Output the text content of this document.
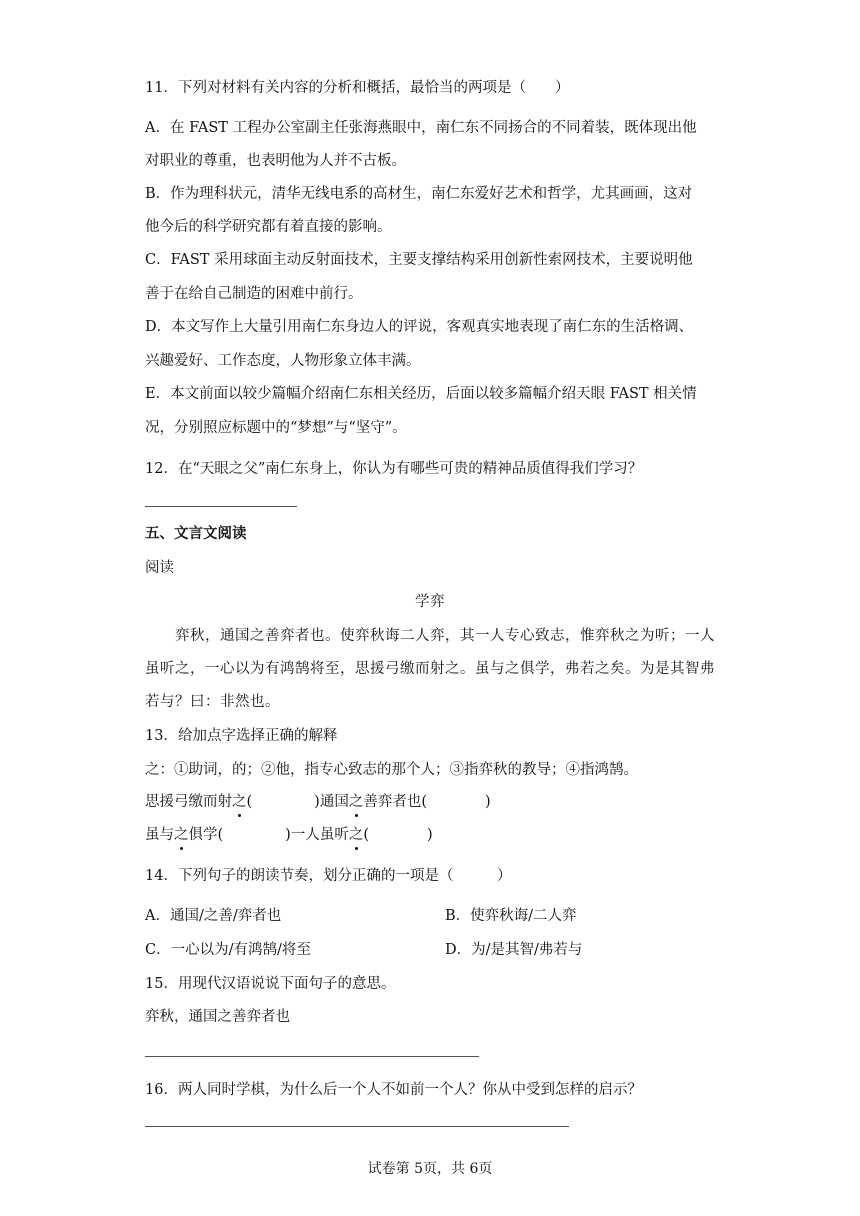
11．下列对材料有关内容的分析和概括，最恰当的两项是（　　）
A．在 FAST 工程办公室副主任张海燕眼中，南仁东不同扬合的不同着装，既体现出他
对职业的尊重，也表明他为人并不古板。
B．作为理科状元，清华无线电系的高材生，南仁东爱好艺术和哲学，尤其画画，这对
他今后的科学研究都有着直接的影响。
C．FAST 采用球面主动反射面技术，主要支撑结构采用创新性索网技术，主要说明他
善于在给自己制造的困难中前行。
D．本文写作上大量引用南仁东身边人的评说，客观真实地表现了南仁东的生活格调、
兴趣爱好、工作态度，人物形象立体丰满。
E．本文前面以较少篇幅介绍南仁东相关经历，后面以较多篇幅介绍天眼 FAST 相关情
况，分别照应标题中的“梦想”与“坚守”。
12．在“天眼之父”南仁东身上，你认为有哪些可贵的精神品质值得我们学习？
五、文言文阅读
阅读
学弈
弈秋，通国之善弈者也。使弈秋诲二人弈，其一人专心致志，惟弈秋之为听；一人
虽听之，一心以为有鸿鹄将至，思援弓缴而射之。虽与之俱学，弗若之矣。为是其智弗
若与？曰：非然也。
13．给加点字选择正确的解释
之：①助词，的；②他，指专心致志的那个人；③指弈秋的教导；④指鸿鹄。
思援弓缴而射之(	)通国之善弈者也(	)
虽与之俱学(	)一人虽听之(	)
14．下列句子的朗读节奏，划分正确的一项是（　　　）
A．通国/之善/弈者也	B．使弈秋诲/二人弈
C．一心以为/有鸿鹄/将至	D．为/是其智/弗若与
15．用现代汉语说说下面句子的意思。
弈秋，通国之善弈者也
16．两人同时学棋，为什么后一个人不如前一个人？你从中受到怎样的启示？
试卷第 5页，共 6页
